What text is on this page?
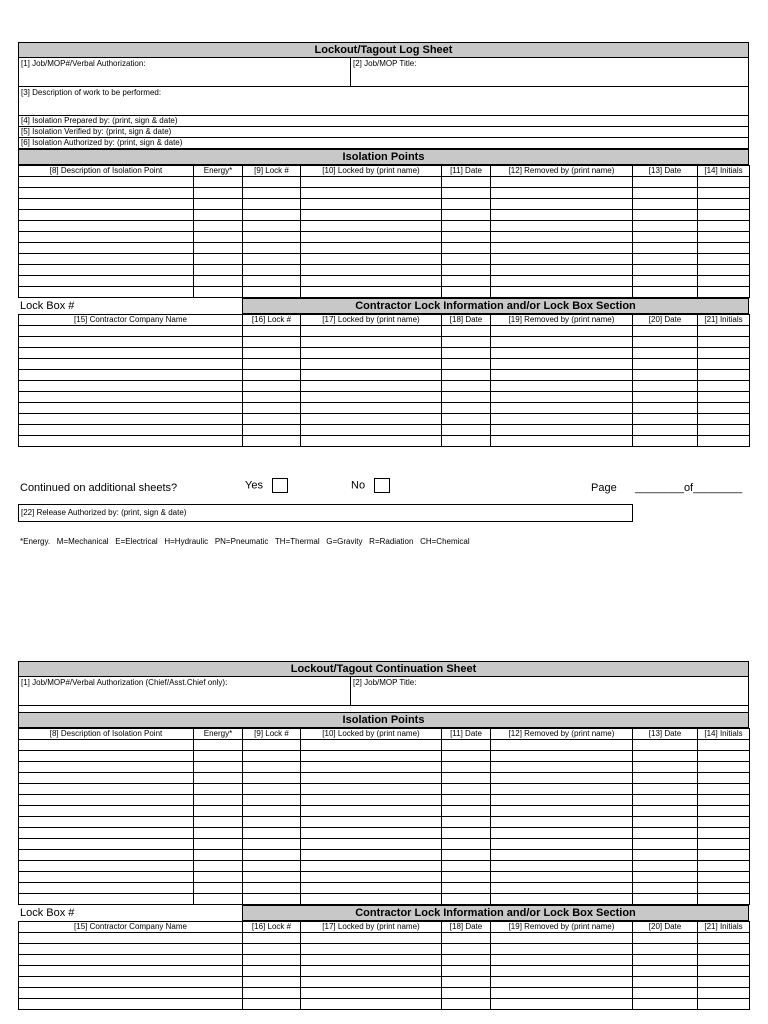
Lockout/Tagout Log Sheet
[1] Job/MOP#/Verbal Authorization:	[2] Job/MOP Title:
[3] Description of work to be performed:
[4] Isolation Prepared by: (print, sign & date)
[5] Isolation Verified by: (print, sign & date)
[6] Isolation Authorized by: (print, sign & date)
Isolation Points
[8] Description of Isolation Point	Energy*	[9] Lock #	[10] Locked by (print name)	[11] Date	[12] Removed by (print name)	[13] Date	[14] Initials

Lock Box #	Contractor Lock Information and/or Lock Box Section
[15] Contractor Company Name	[16] Lock #	[17] Locked by (print name)	[18] Date	[19] Removed by (print name)	[20] Date	[21] Initials

Continued on additional sheets?	Yes	No	Page ________of________
[22] Release Authorized by: (print, sign & date)
*Energy.   M=Mechanical   E=Electrical   H=Hydraulic   PN=Pneumatic   TH=Thermal   G=Gravity   R=Radiation   CH=Chemical
Lockout/Tagout Continuation Sheet
[1] Job/MOP#/Verbal Authorization (Chief/Asst.Chief only):	[2] Job/MOP Title:
Isolation Points
[8] Description of Isolation Point	Energy*	[9] Lock #	[10] Locked by (print name)	[11] Date	[12] Removed by (print name)	[13] Date	[14] Initials

Lock Box #	Contractor Lock Information and/or Lock Box Section
[15] Contractor Company Name	[16] Lock #	[17] Locked by (print name)	[18] Date	[19] Removed by (print name)	[20] Date	[21] Initials
